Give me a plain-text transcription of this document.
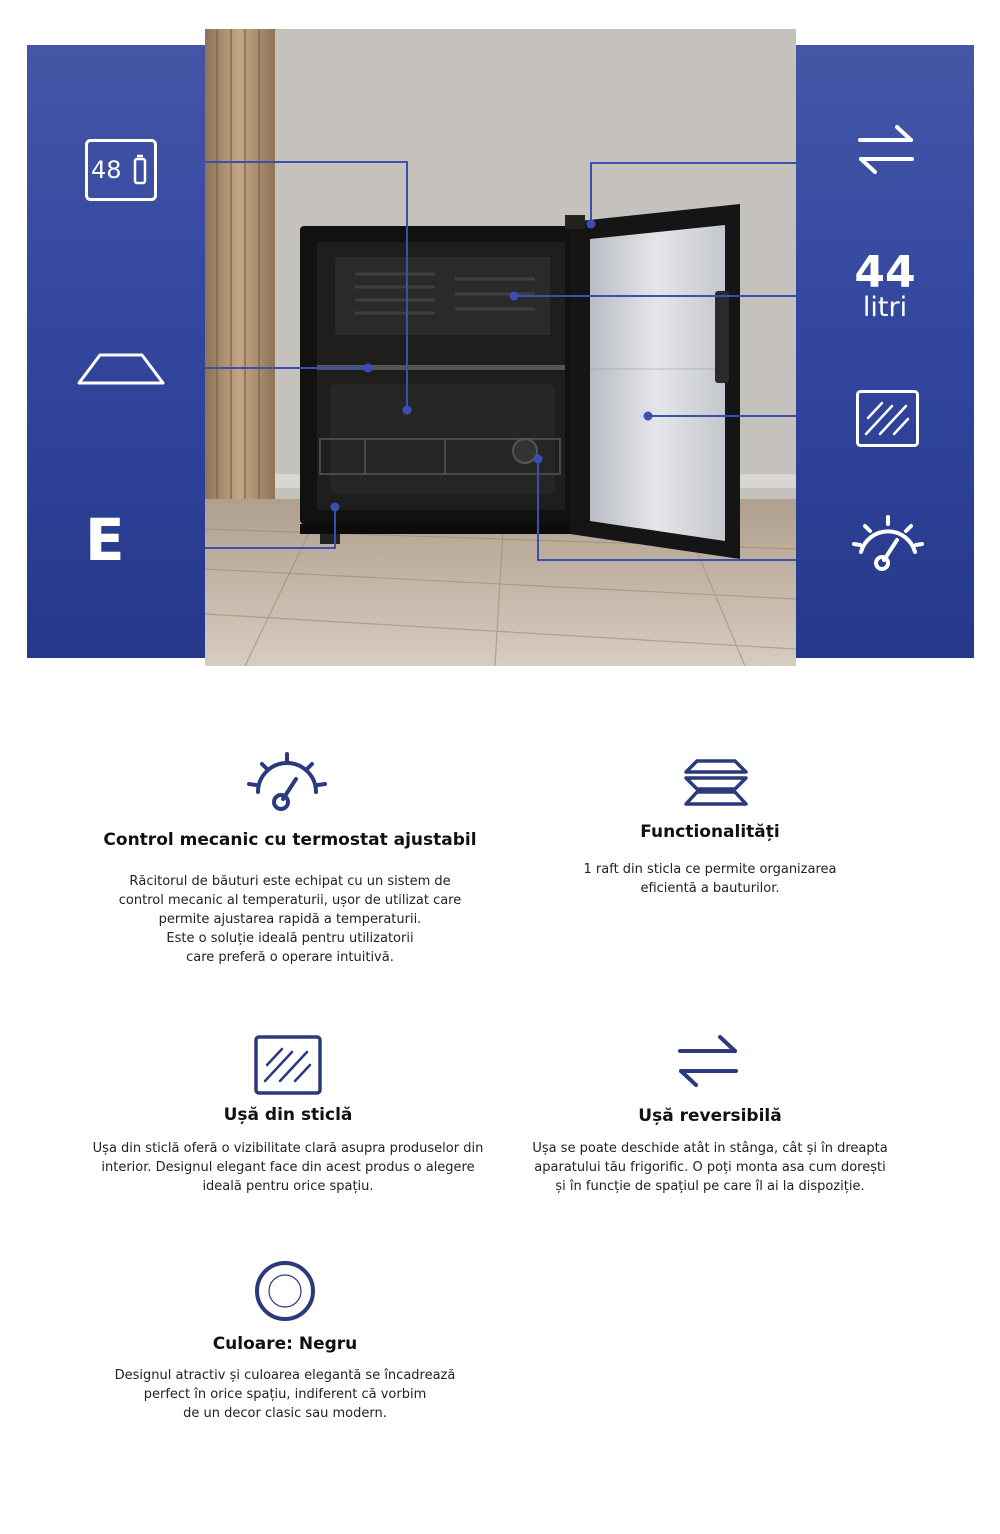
48
E
44
litri
Control mecanic cu termostat ajustabil

Răcitorul de băuturi este echipat cu un sistem de
control mecanic al temperaturii, ușor de utilizat care
permite ajustarea rapidă a temperaturii.
Este o soluție ideală pentru utilizatorii
care preferă o operare intuitivă.

Functionalități

1 raft din sticla ce permite organizarea
eficientă a bauturilor.

Ușă din sticlă

Ușa din sticlă oferă o vizibilitate clară asupra produselor din
interior. Designul elegant face din acest produs o alegere
ideală pentru orice spațiu.

Ușă reversibilă

Ușa se poate deschide atât in stânga, cât și în dreapta
aparatului tău frigorific. O poți monta asa cum dorești
și în funcție de spațiul pe care îl ai la dispoziție.

Culoare: Negru

Designul atractiv și culoarea elegantă se încadrează
perfect în orice spațiu, indiferent că vorbim
de un decor clasic sau modern.
